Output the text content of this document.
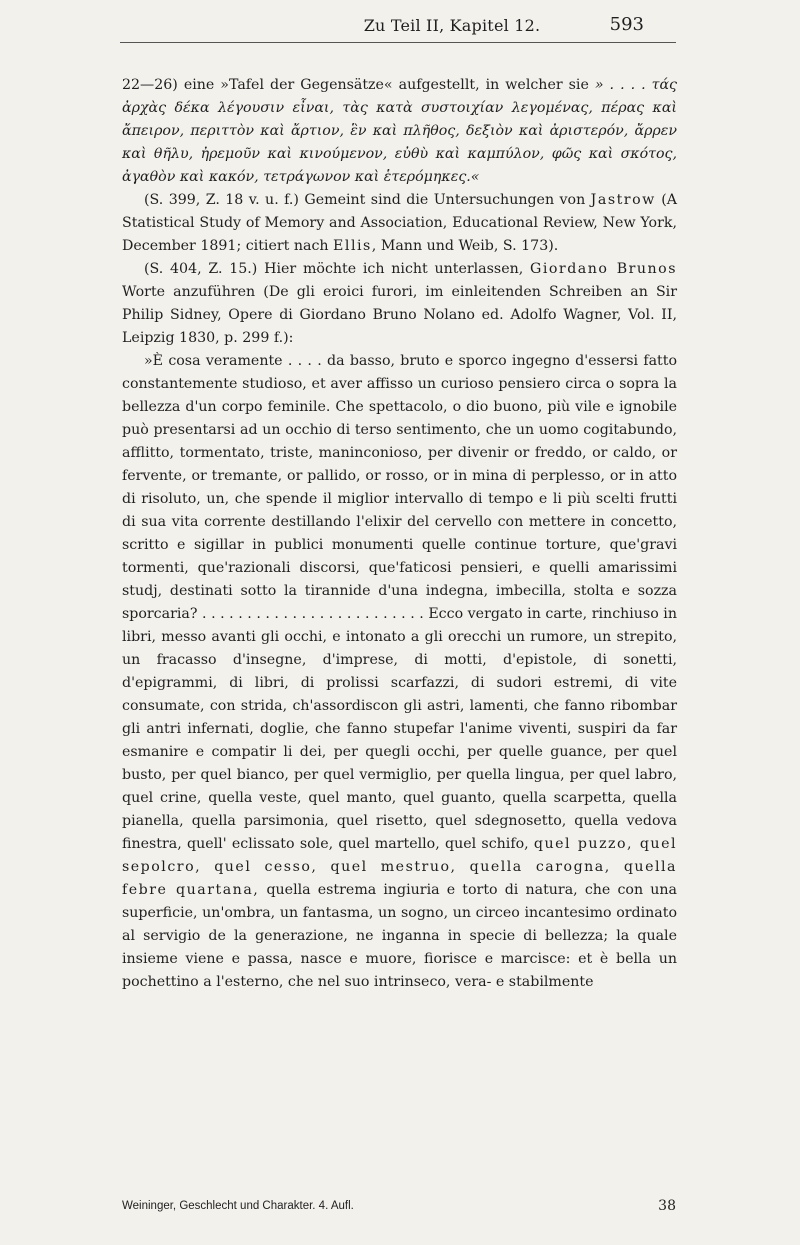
Zu Teil II, Kapitel 12.	593

22—26) eine »Tafel der Gegensätze« aufgestellt, in welcher sie » . . . . τάς ἀρχὰς δέκα λέγουσιν εἶναι, τὰς κατὰ συστοιχίαν λεγομένας, πέρας καὶ ἄπειρον, περιττὸν καὶ ἄρτιον, ἓν καὶ πλῆθος, δεξιὸν καὶ ἀριστερόν, ἄρρεν καὶ θῆλυ, ἠρεμοῦν καὶ κινούμενον, εὐθὺ καὶ καμπύλον, φῶς καὶ σκότος, ἀγαθὸν καὶ κακόν, τετράγωνον καὶ ἑτερόμηκες.«

(S. 399, Z. 18 v. u. f.) Gemeint sind die Untersuchungen von Jastrow (A Statistical Study of Memory and Association, Educational Review, New York, December 1891; citiert nach Ellis, Mann und Weib, S. 173).

(S. 404, Z. 15.) Hier möchte ich nicht unterlassen, Giordano Brunos Worte anzuführen (De gli eroici furori, im einleitenden Schreiben an Sir Philip Sidney, Opere di Giordano Bruno Nolano ed. Adolfo Wagner, Vol. II, Leipzig 1830, p. 299 f.):

»È cosa veramente . . . . da basso, bruto e sporco ingegno d'essersi fatto constantemente studioso, et aver affisso un curioso pensiero circa o sopra la bellezza d'un corpo feminile. Che spettacolo, o dio buono, più vile e ignobile può presentarsi ad un occhio di terso sentimento, che un uomo cogitabundo, afflitto, tormentato, triste, maninconioso, per divenir or freddo, or caldo, or fervente, or tremante, or pallido, or rosso, or in mina di perplesso, or in atto di risoluto, un, che spende il miglior intervallo di tempo e li più scelti frutti di sua vita corrente destillando l'elixir del cervello con mettere in concetto, scritto e sigillar in publici monumenti quelle continue torture, que'gravi tormenti, que'razionali discorsi, que'faticosi pensieri, e quelli amarissimi studj, destinati sotto la tirannide d'una indegna, imbecilla, stolta e sozza sporcaria? . . . . . . . . . . . . . . . . . . . . . . . . . Ecco vergato in carte, rinchiuso in libri, messo avanti gli occhi, e intonato a gli orecchi un rumore, un strepito, un fracasso d'insegne, d'imprese, di motti, d'epistole, di sonetti, d'epigrammi, di libri, di prolissi scarfazzi, di sudori estremi, di vite consumate, con strida, ch'assordiscon gli astri, lamenti, che fanno ribombar gli antri infernati, doglie, che fanno stupefar l'anime viventi, suspiri da far esmanire e compatir li dei, per quegli occhi, per quelle guance, per quel busto, per quel bianco, per quel vermiglio, per quella lingua, per quel labro, quel crine, quella veste, quel manto, quel guanto, quella scarpetta, quella pianella, quella parsimonia, quel risetto, quel sdegnosetto, quella vedova finestra, quell' eclissato sole, quel martello, quel schifo, quel puzzo, quel sepolcro, quel cesso, quel mestruo, quella carogna, quella febre quartana, quella estrema ingiuria e torto di natura, che con una superficie, un'ombra, un fantasma, un sogno, un circeo incantesimo ordinato al servigio de la generazione, ne inganna in specie di bellezza; la quale insieme viene e passa, nasce e muore, fiorisce e marcisce: et è bella un pochettino a l'esterno, che nel suo intrinseco, vera- e stabilmente

Weininger, Geschlecht und Charakter. 4. Aufl.	38
